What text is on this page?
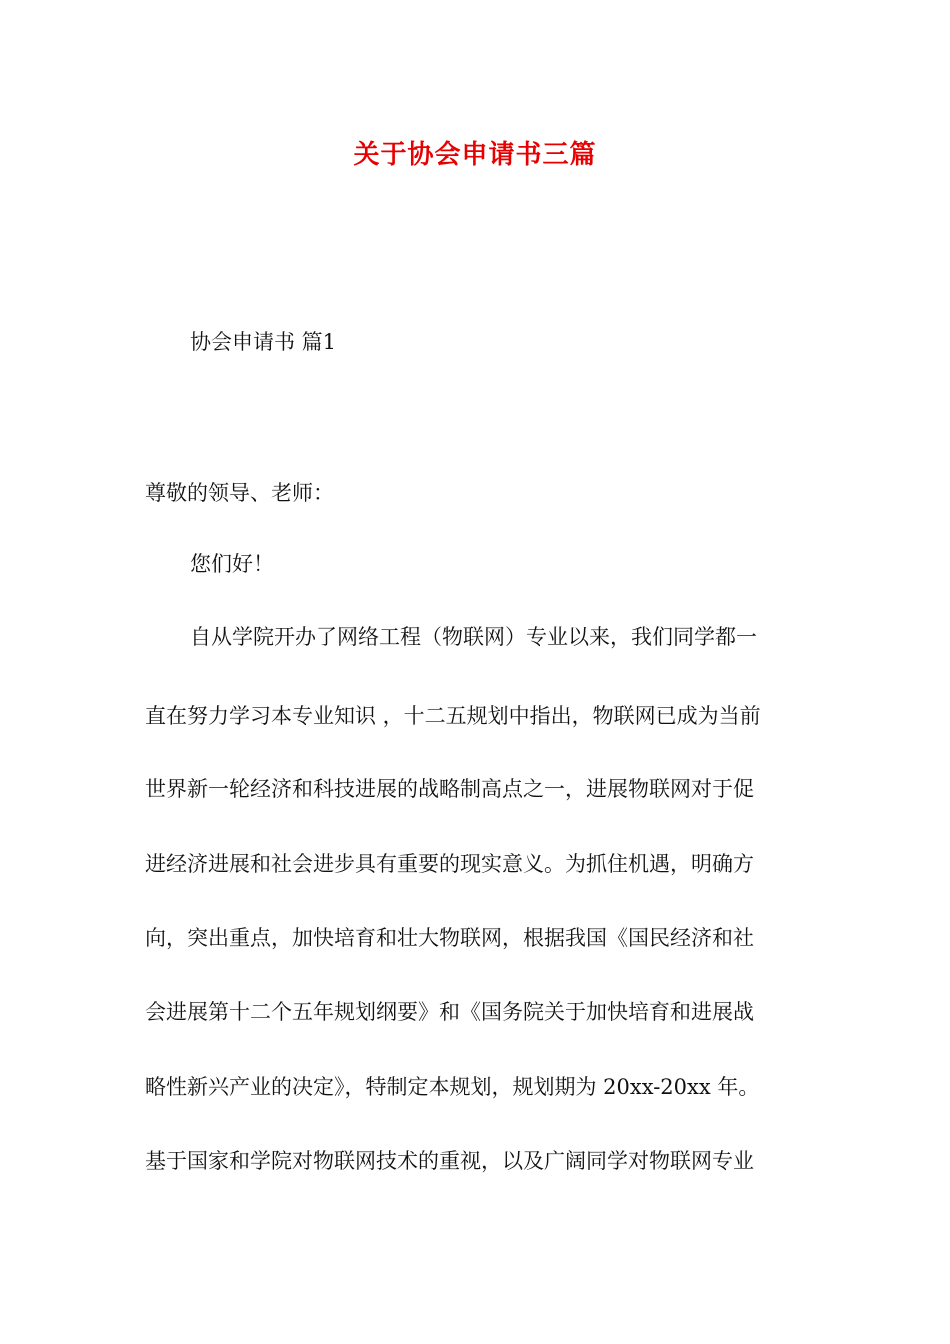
关于协会申请书三篇

协会申请书 篇1

尊敬的领导、老师：

您们好！

自从学院开办了网络工程（物联网）专业以来，我们同学都一

直在努力学习本专业知识 ，十二五规划中指出，物联网已成为当前

世界新一轮经济和科技进展的战略制高点之一，进展物联网对于促

进经济进展和社会进步具有重要的现实意义。为抓住机遇，明确方

向，突出重点，加快培育和壮大物联网，根据我国《国民经济和社

会进展第十二个五年规划纲要》和《国务院关于加快培育和进展战

略性新兴产业的决定》，特制定本规划，规划期为 20xx-20xx 年。

基于国家和学院对物联网技术的重视，以及广阔同学对物联网专业
